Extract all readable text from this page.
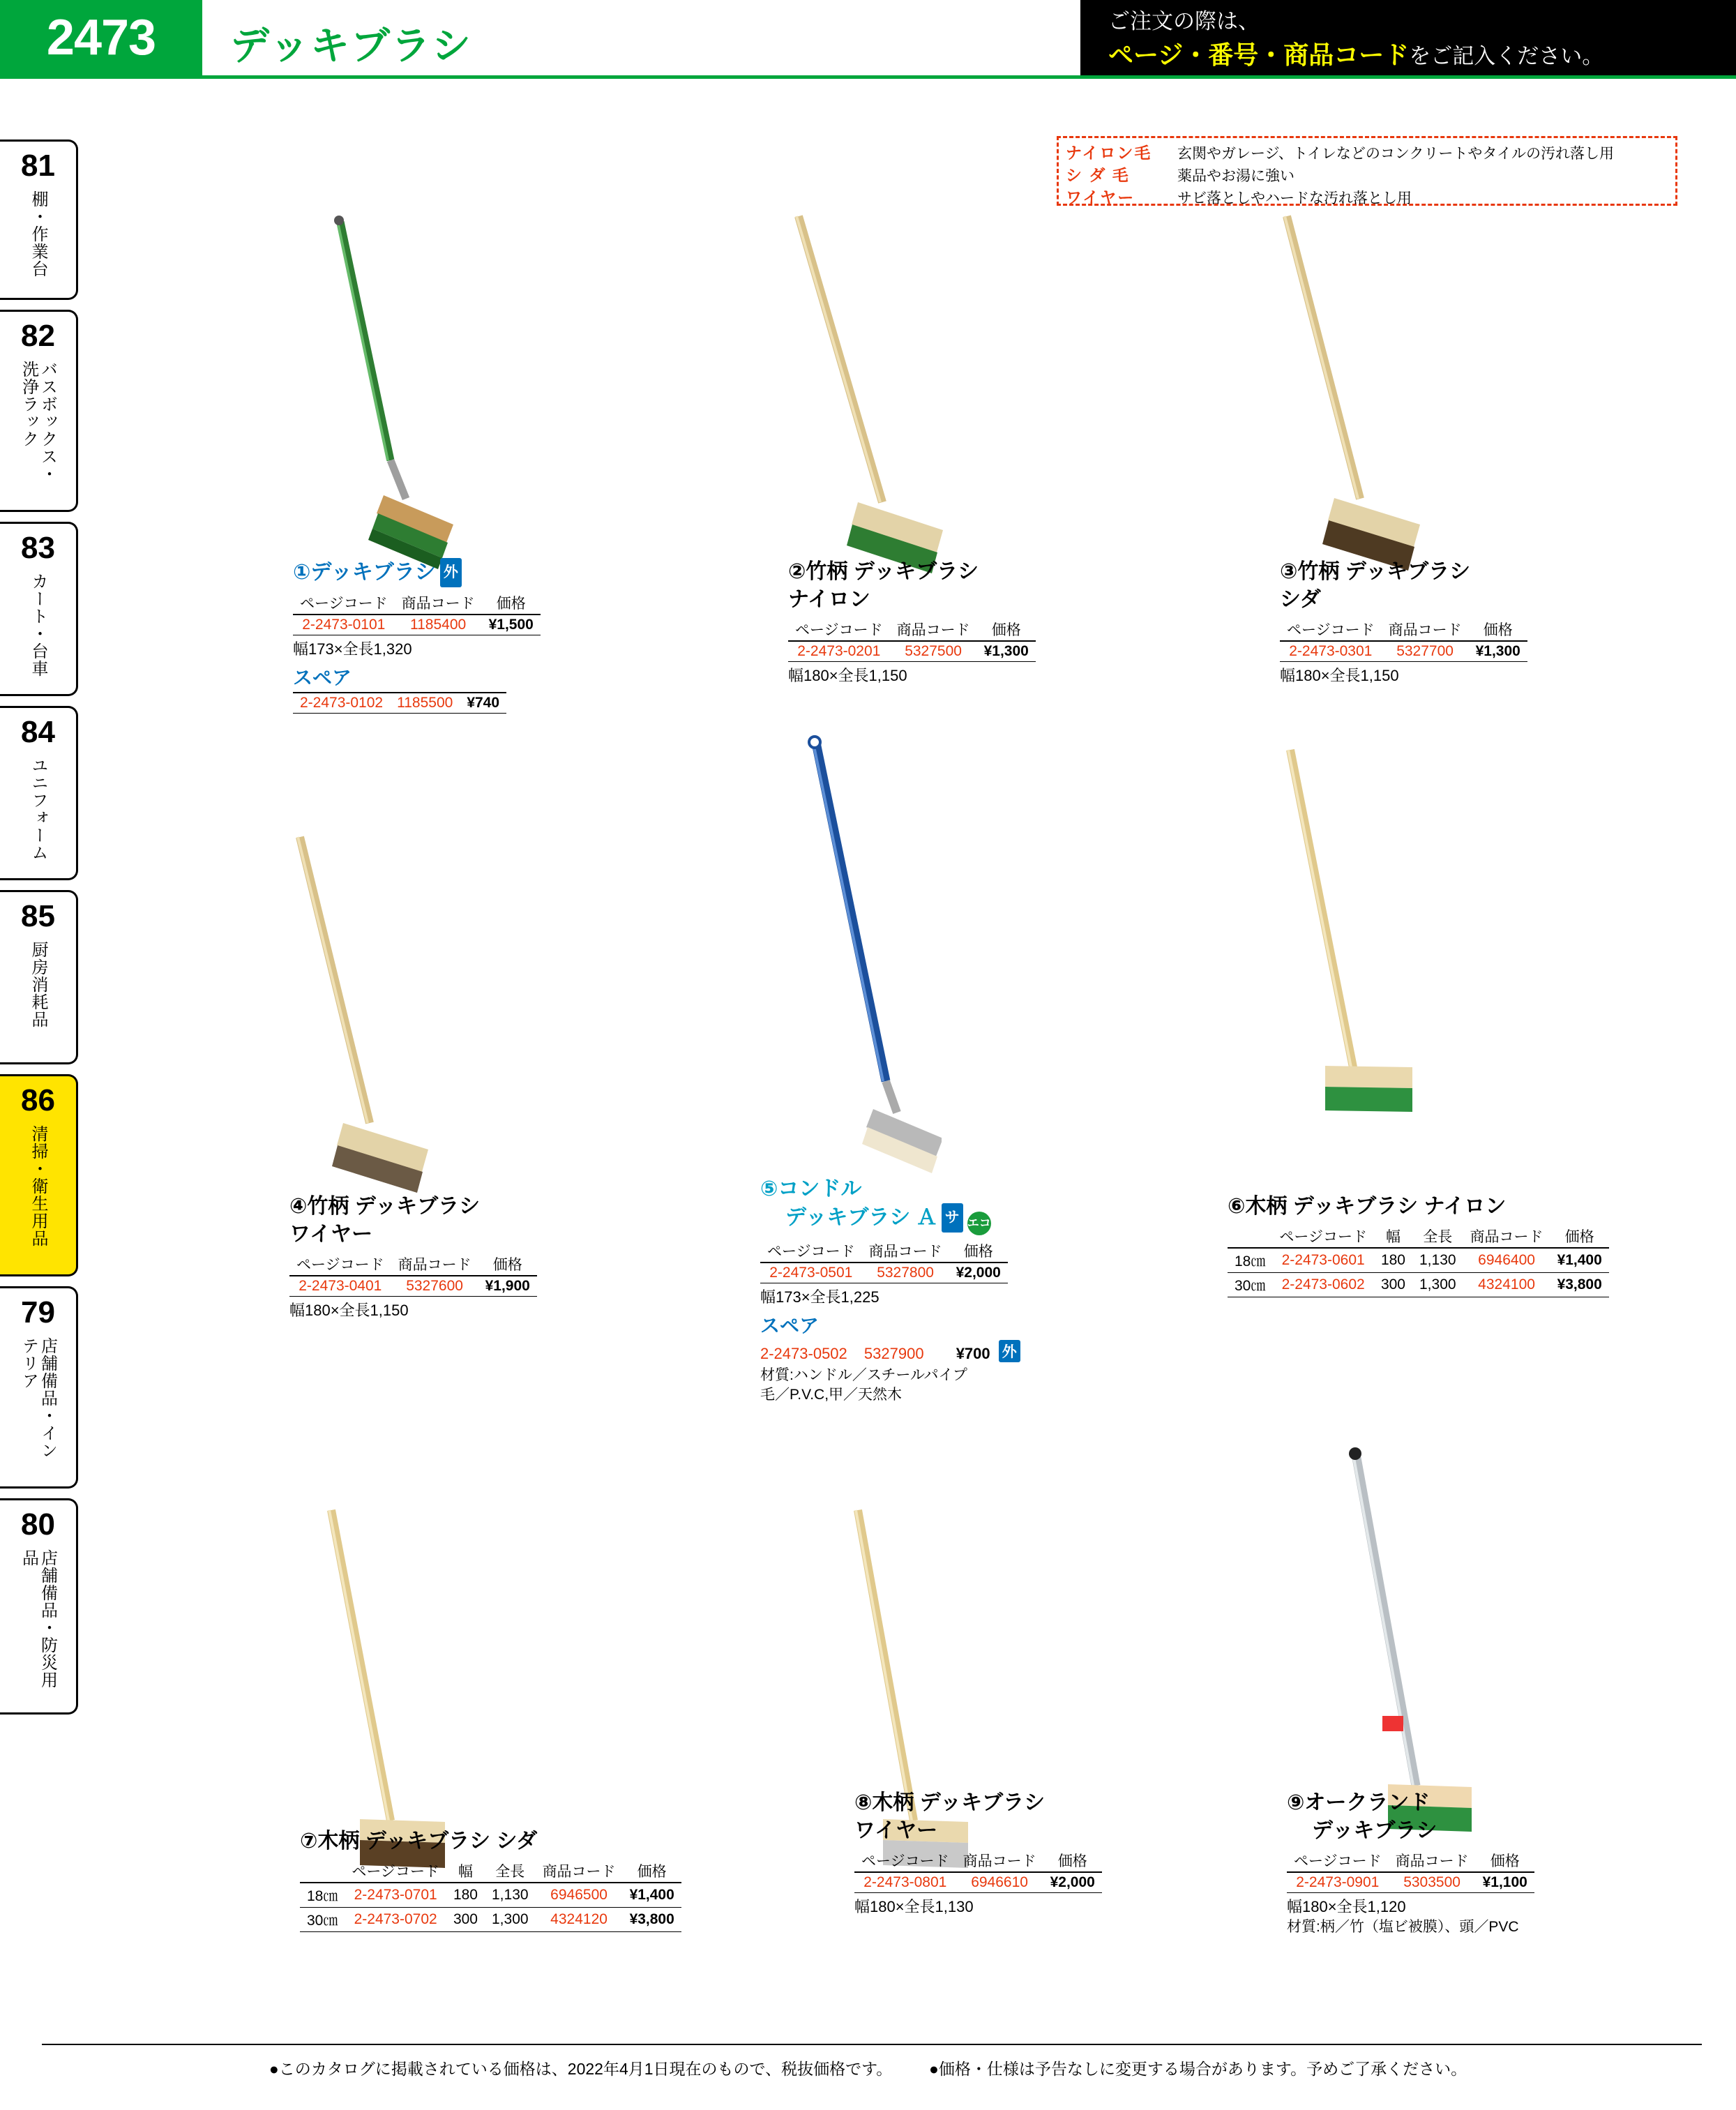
2473	デッキブラシ
ご注文の際は、
ページ・番号・商品コードをご記入ください。
ナイロン毛	玄関やガレージ、トイレなどのコンクリートやタイルの汚れ落し用
シ ダ 毛	薬品やお湯に強い
ワイヤー	サビ落としやハードな汚れ落とし用
81
棚・作業台
82
バスボックス・洗浄ラック
83
カート・台車
84
ユニフォーム
85
厨房消耗品
86
清掃・衛生用品
79
店舗備品・インテリア
80
店舗備品・防災用品
①デッキブラシ 外
ページコード	商品コード	価格
2-2473-0101	1185400	¥1,500
幅173×全長1,320
スペア
2-2473-0102	1185500	¥740
②竹柄 デッキブラシ
ナイロン
ページコード	商品コード	価格
2-2473-0201	5327500	¥1,300
幅180×全長1,150
③竹柄 デッキブラシ
シダ
ページコード	商品コード	価格
2-2473-0301	5327700	¥1,300
幅180×全長1,150
④竹柄 デッキブラシ
ワイヤー
ページコード	商品コード	価格
2-2473-0401	5327600	¥1,900
幅180×全長1,150
⑤コンドル
デッキブラシ Ａ サ エコ
ページコード	商品コード	価格
2-2473-0501	5327800	¥2,000
幅173×全長1,225
スペア
2-2473-0502 5327900 ¥700 外
材質:ハンドル／スチールパイプ
毛／P.V.C,甲／天然木
⑥木柄 デッキブラシ ナイロン
	ページコード	幅	全長	商品コード	価格
18㎝	2-2473-0601	180	1,130	6946400	¥1,400
30㎝	2-2473-0602	300	1,300	4324100	¥3,800
⑦木柄 デッキブラシ シダ
	ページコード	幅	全長	商品コード	価格
18㎝	2-2473-0701	180	1,130	6946500	¥1,400
30㎝	2-2473-0702	300	1,300	4324120	¥3,800
⑧木柄 デッキブラシ
ワイヤー
ページコード	商品コード	価格
2-2473-0801	6946610	¥2,000
幅180×全長1,130
⑨オークランド
デッキブラシ
ページコード	商品コード	価格
2-2473-0901	5303500	¥1,100
幅180×全長1,120
材質:柄／竹（塩ビ被膜）、頭／PVC
●このカタログに掲載されている価格は、2022年4月1日現在のもので、税抜価格です。 ●価格・仕様は予告なしに変更する場合があります。予めご了承ください。
